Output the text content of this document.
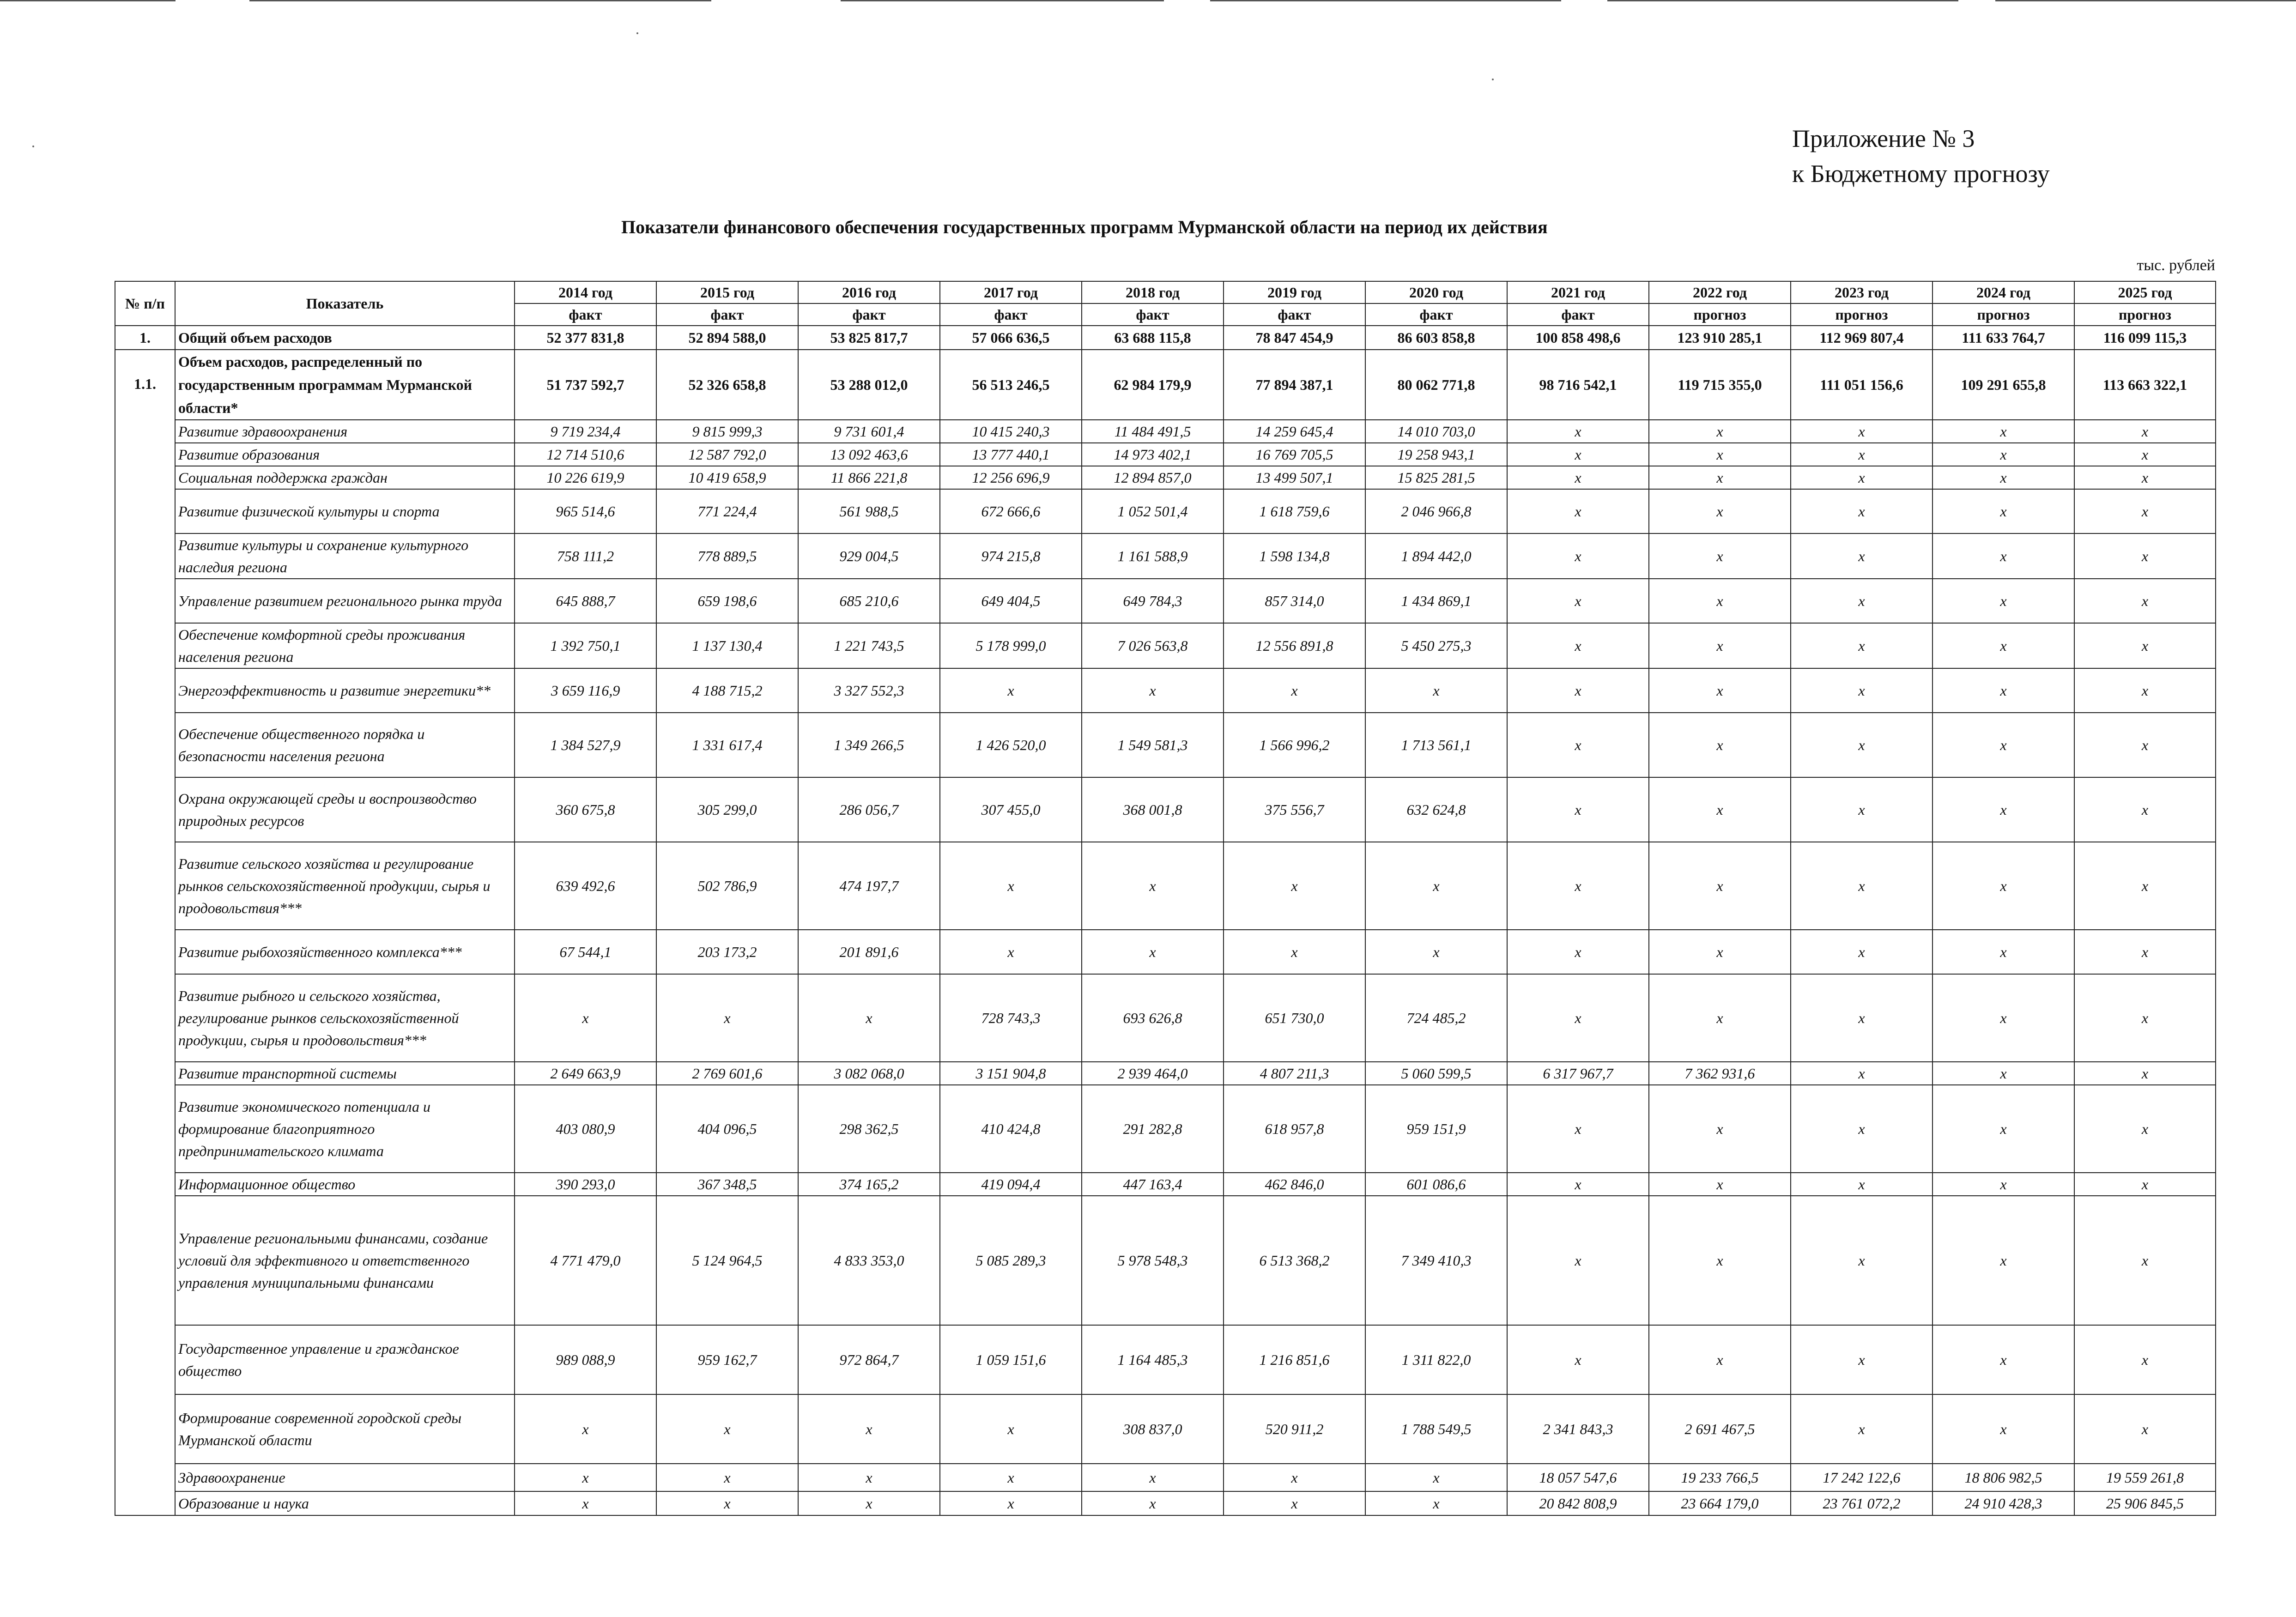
Приложение № 3
к Бюджетному прогнозу
Показатели финансового обеспечения государственных программ Мурманской области на период их действия
тыс. рублей
№ п/п	Показатель	2014 год	2015 год	2016 год	2017 год	2018 год	2019 год	2020 год	2021 год	2022 год	2023 год	2024 год	2025 год
		факт	факт	факт	факт	факт	факт	факт	факт	прогноз	прогноз	прогноз	прогноз
1.	Общий объем расходов	52 377 831,8	52 894 588,0	53 825 817,7	57 066 636,5	63 688 115,8	78 847 454,9	86 603 858,8	100 858 498,6	123 910 285,1	112 969 807,4	111 633 764,7	116 099 115,3
1.1.	Объем расходов, распределенный по государственным программам Мурманской области*	51 737 592,7	52 326 658,8	53 288 012,0	56 513 246,5	62 984 179,9	77 894 387,1	80 062 771,8	98 716 542,1	119 715 355,0	111 051 156,6	109 291 655,8	113 663 322,1
	Развитие здравоохранения	9 719 234,4	9 815 999,3	9 731 601,4	10 415 240,3	11 484 491,5	14 259 645,4	14 010 703,0	x	x	x	x	x
	Развитие образования	12 714 510,6	12 587 792,0	13 092 463,6	13 777 440,1	14 973 402,1	16 769 705,5	19 258 943,1	x	x	x	x	x
	Социальная поддержка граждан	10 226 619,9	10 419 658,9	11 866 221,8	12 256 696,9	12 894 857,0	13 499 507,1	15 825 281,5	x	x	x	x	x
	Развитие физической культуры и спорта	965 514,6	771 224,4	561 988,5	672 666,6	1 052 501,4	1 618 759,6	2 046 966,8	x	x	x	x	x
	Развитие культуры и сохранение культурного наследия региона	758 111,2	778 889,5	929 004,5	974 215,8	1 161 588,9	1 598 134,8	1 894 442,0	x	x	x	x	x
	Управление развитием регионального рынка труда	645 888,7	659 198,6	685 210,6	649 404,5	649 784,3	857 314,0	1 434 869,1	x	x	x	x	x
	Обеспечение комфортной среды проживания населения региона	1 392 750,1	1 137 130,4	1 221 743,5	5 178 999,0	7 026 563,8	12 556 891,8	5 450 275,3	x	x	x	x	x
	Энергоэффективность и развитие энергетики**	3 659 116,9	4 188 715,2	3 327 552,3	x	x	x	x	x	x	x	x	x
	Обеспечение общественного порядка и безопасности населения региона	1 384 527,9	1 331 617,4	1 349 266,5	1 426 520,0	1 549 581,3	1 566 996,2	1 713 561,1	x	x	x	x	x
	Охрана окружающей среды и воспроизводство природных ресурсов	360 675,8	305 299,0	286 056,7	307 455,0	368 001,8	375 556,7	632 624,8	x	x	x	x	x
	Развитие сельского хозяйства и регулирование рынков сельскохозяйственной продукции, сырья и продовольствия***	639 492,6	502 786,9	474 197,7	x	x	x	x	x	x	x	x	x
	Развитие рыбохозяйственного комплекса***	67 544,1	203 173,2	201 891,6	x	x	x	x	x	x	x	x	x
	Развитие рыбного и сельского хозяйства, регулирование рынков сельскохозяйственной продукции, сырья и продовольствия***	x	x	x	728 743,3	693 626,8	651 730,0	724 485,2	x	x	x	x	x
	Развитие транспортной системы	2 649 663,9	2 769 601,6	3 082 068,0	3 151 904,8	2 939 464,0	4 807 211,3	5 060 599,5	6 317 967,7	7 362 931,6	x	x	x
	Развитие экономического потенциала и формирование благоприятного предпринимательского климата	403 080,9	404 096,5	298 362,5	410 424,8	291 282,8	618 957,8	959 151,9	x	x	x	x	x
	Информационное общество	390 293,0	367 348,5	374 165,2	419 094,4	447 163,4	462 846,0	601 086,6	x	x	x	x	x
	Управление региональными финансами, создание условий для эффективного и ответственного управления муниципальными финансами	4 771 479,0	5 124 964,5	4 833 353,0	5 085 289,3	5 978 548,3	6 513 368,2	7 349 410,3	x	x	x	x	x
	Государственное управление и гражданское общество	989 088,9	959 162,7	972 864,7	1 059 151,6	1 164 485,3	1 216 851,6	1 311 822,0	x	x	x	x	x
	Формирование современной городской среды Мурманской области	x	x	x	x	308 837,0	520 911,2	1 788 549,5	2 341 843,3	2 691 467,5	x	x	x
	Здравоохранение	x	x	x	x	x	x	x	18 057 547,6	19 233 766,5	17 242 122,6	18 806 982,5	19 559 261,8
	Образование и наука	x	x	x	x	x	x	x	20 842 808,9	23 664 179,0	23 761 072,2	24 910 428,3	25 906 845,5
